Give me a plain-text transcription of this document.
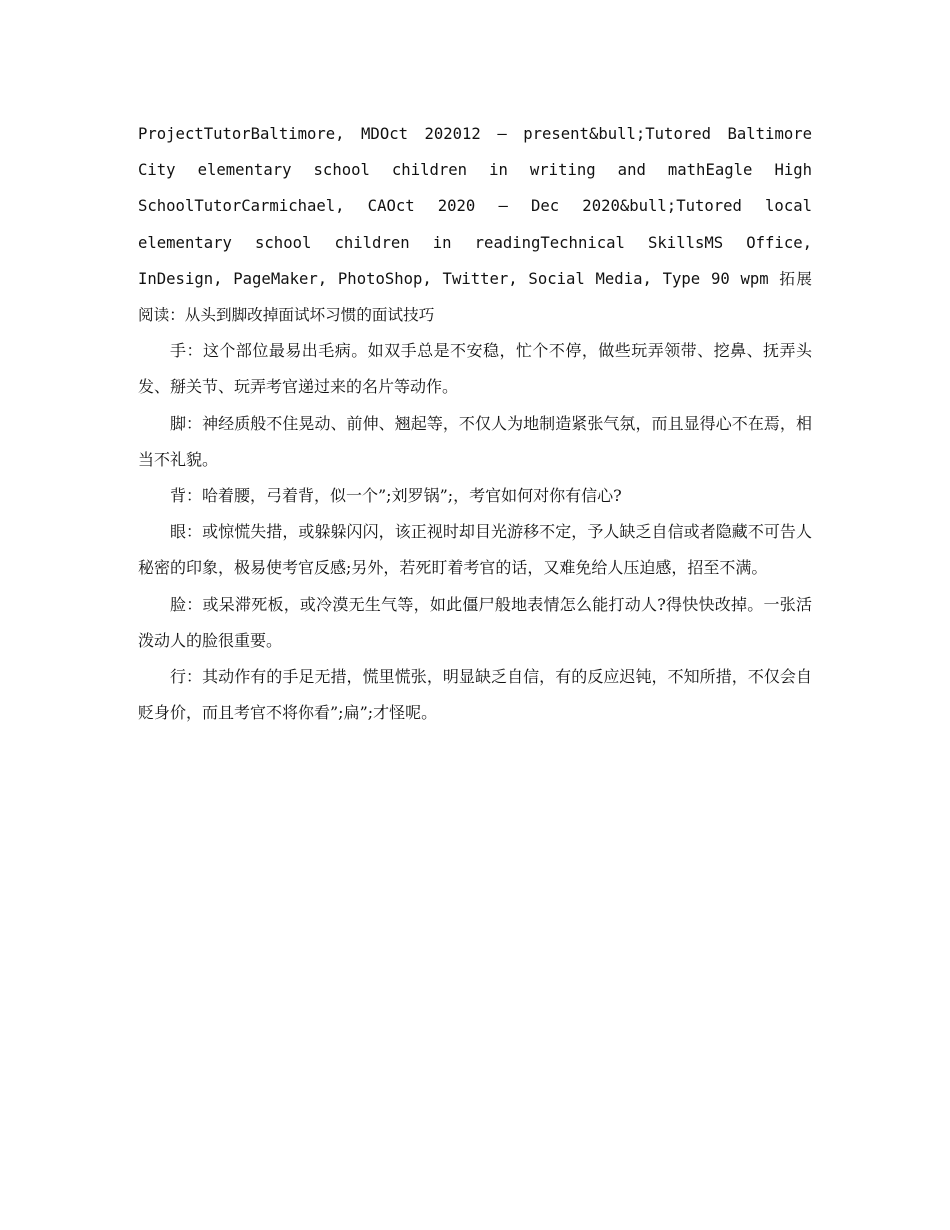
ProjectTutorBaltimore, MDOct 202012 – present&bull;Tutored Baltimore City elementary school children in writing and mathEagle High SchoolTutorCarmichael, CAOct 2020 – Dec 2020&bull;Tutored local elementary school children in readingTechnical SkillsMS Office, InDesign, PageMaker, PhotoShop, Twitter, Social Media, Type 90 wpm 拓展阅读：从头到脚改掉面试坏习惯的面试技巧

手：这个部位最易出毛病。如双手总是不安稳，忙个不停，做些玩弄领带、挖鼻、抚弄头发、掰关节、玩弄考官递过来的名片等动作。

脚：神经质般不住晃动、前伸、翘起等，不仅人为地制造紧张气氛，而且显得心不在焉，相当不礼貌。

背：哈着腰，弓着背，似一个”;刘罗锅”;，考官如何对你有信心?

眼：或惊慌失措，或躲躲闪闪，该正视时却目光游移不定，予人缺乏自信或者隐藏不可告人秘密的印象，极易使考官反感;另外，若死盯着考官的话，又难免给人压迫感，招至不满。

脸：或呆滞死板，或冷漠无生气等，如此僵尸般地表情怎么能打动人?得快快改掉。一张活泼动人的脸很重要。

行：其动作有的手足无措，慌里慌张，明显缺乏自信，有的反应迟钝，不知所措，不仅会自贬身价，而且考官不将你看”;扁”;才怪呢。
